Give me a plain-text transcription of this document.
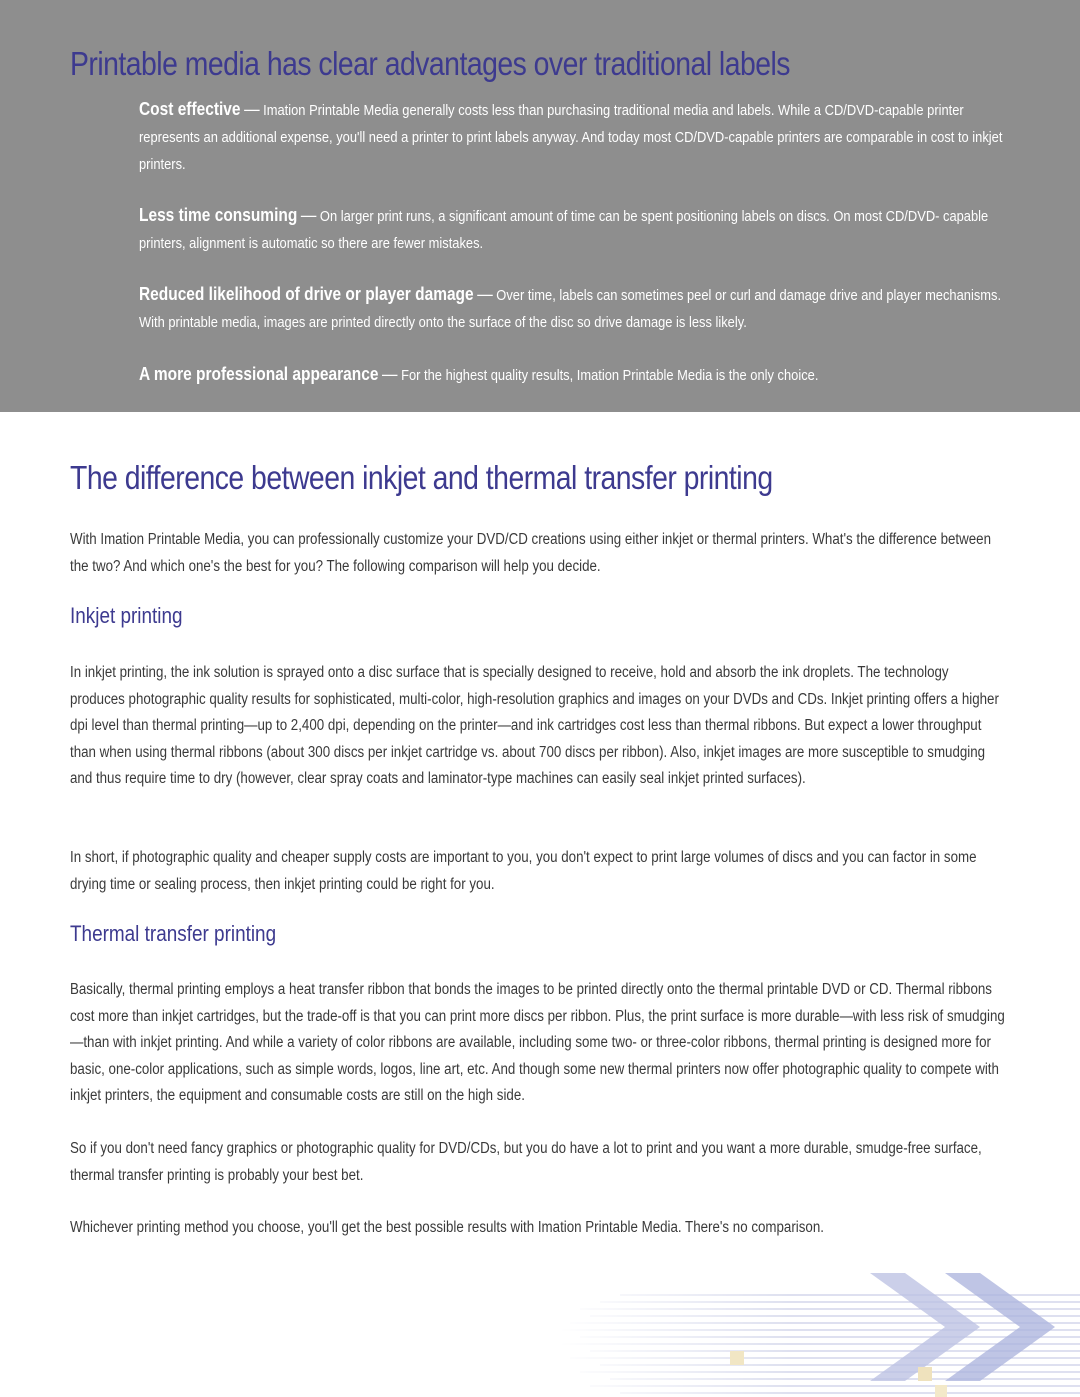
Printable media has clear advantages over traditional labels
Cost effective — Imation Printable Media generally costs less than purchasing traditional media and labels. While a CD/DVD-capable printer represents an additional expense, you'll need a printer to print labels anyway. And today most CD/DVD-capable printers are comparable in cost to inkjet printers.
Less time consuming — On larger print runs, a significant amount of time can be spent positioning labels on discs. On most CD/DVD- capable printers, alignment is automatic so there are fewer mistakes.
Reduced likelihood of drive or player damage — Over time, labels can sometimes peel or curl and damage drive and player mechanisms. With printable media, images are printed directly onto the surface of the disc so drive damage is less likely.
A more professional appearance — For the highest quality results, Imation Printable Media is the only choice.
The difference between inkjet and thermal transfer printing

With Imation Printable Media, you can professionally customize your DVD/CD creations using either inkjet or thermal printers. What's the difference between the two? And which one's the best for you? The following comparison will help you decide.

Inkjet printing

In inkjet printing, the ink solution is sprayed onto a disc surface that is specially designed to receive, hold and absorb the ink droplets. The technology produces photographic quality results for sophisticated, multi-color, high-resolution graphics and images on your DVDs and CDs. Inkjet printing offers a higher dpi level than thermal printing—up to 2,400 dpi, depending on the printer—and ink cartridges cost less than thermal ribbons. But expect a lower throughput than when using thermal ribbons (about 300 discs per inkjet cartridge vs. about 700 discs per ribbon). Also, inkjet images are more susceptible to smudging and thus require time to dry (however, clear spray coats and laminator-type machines can easily seal inkjet printed surfaces).

In short, if photographic quality and cheaper supply costs are important to you, you don't expect to print large volumes of discs and you can factor in some drying time or sealing process, then inkjet printing could be right for you.

Thermal transfer printing

Basically, thermal printing employs a heat transfer ribbon that bonds the images to be printed directly onto the thermal printable DVD or CD. Thermal ribbons cost more than inkjet cartridges, but the trade-off is that you can print more discs per ribbon. Plus, the print surface is more durable—with less risk of smudging—than with inkjet printing. And while a variety of color ribbons are available, including some two- or three-color ribbons, thermal printing is designed more for basic, one-color applications, such as simple words, logos, line art, etc. And though some new thermal printers now offer photographic quality to compete with inkjet printers, the equipment and consumable costs are still on the high side.

So if you don't need fancy graphics or photographic quality for DVD/CDs, but you do have a lot to print and you want a more durable, smudge-free surface, thermal transfer printing is probably your best bet.

Whichever printing method you choose, you'll get the best possible results with Imation Printable Media. There's no comparison.
